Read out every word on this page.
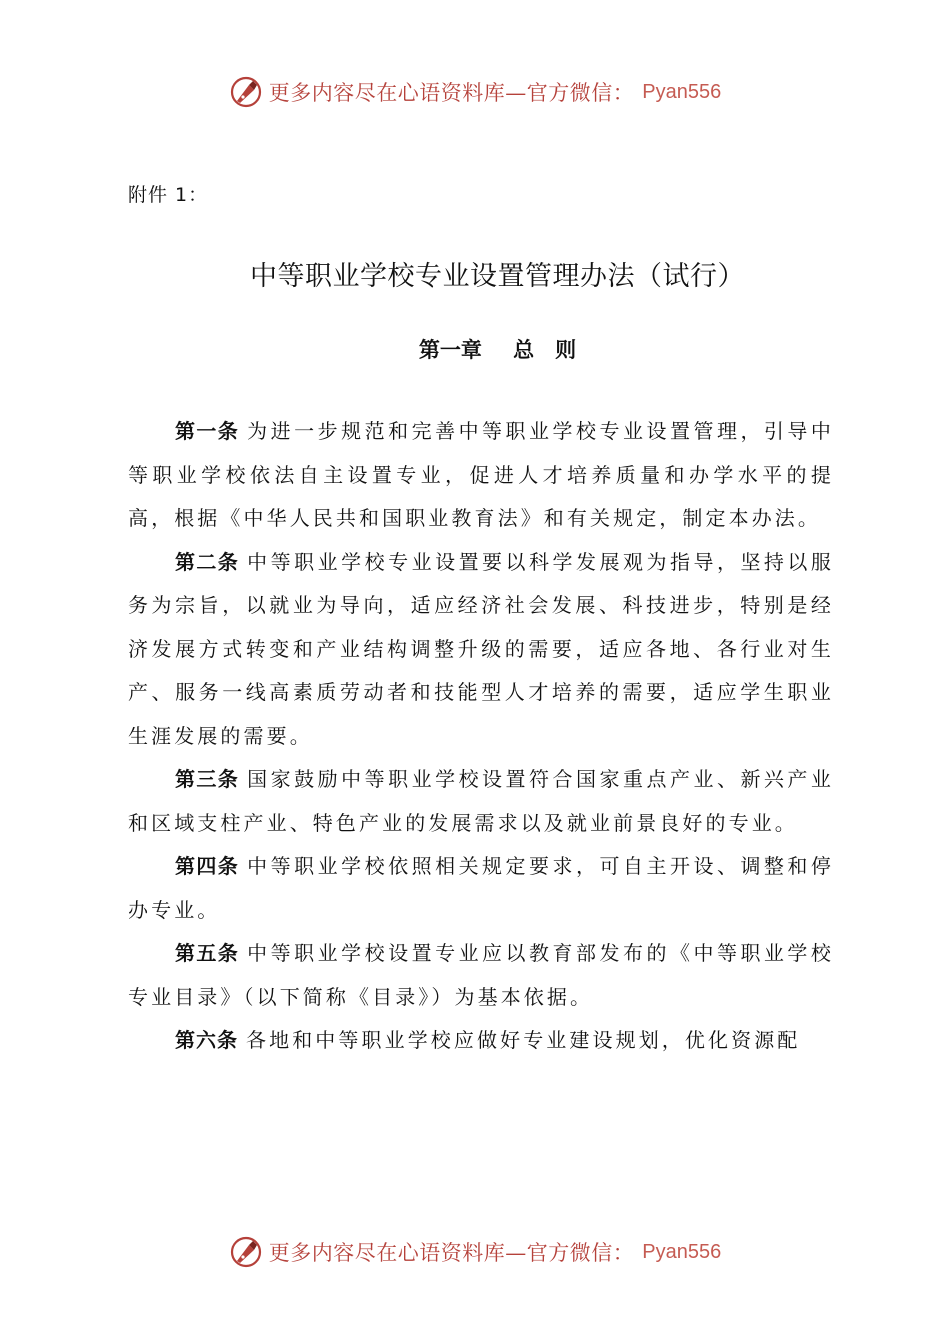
更多内容尽在心语资料库—官方微信： Pyan556
附件 1：
中等职业学校专业设置管理办法（试行）
第一章 总　则

第一条 为进一步规范和完善中等职业学校专业设置管理，引导中等职业学校依法自主设置专业，促进人才培养质量和办学水平的提高，根据《中华人民共和国职业教育法》和有关规定，制定本办法。

第二条 中等职业学校专业设置要以科学发展观为指导，坚持以服务为宗旨，以就业为导向，适应经济社会发展、科技进步，特别是经济发展方式转变和产业结构调整升级的需要，适应各地、各行业对生产、服务一线高素质劳动者和技能型人才培养的需要，适应学生职业生涯发展的需要。

第三条 国家鼓励中等职业学校设置符合国家重点产业、新兴产业和区域支柱产业、特色产业的发展需求以及就业前景良好的专业。

第四条 中等职业学校依照相关规定要求，可自主开设、调整和停办专业。

第五条 中等职业学校设置专业应以教育部发布的《中等职业学校专业目录》（以下简称《目录》）为基本依据。

第六条 各地和中等职业学校应做好专业建设规划，优化资源配

更多内容尽在心语资料库—官方微信： Pyan556
